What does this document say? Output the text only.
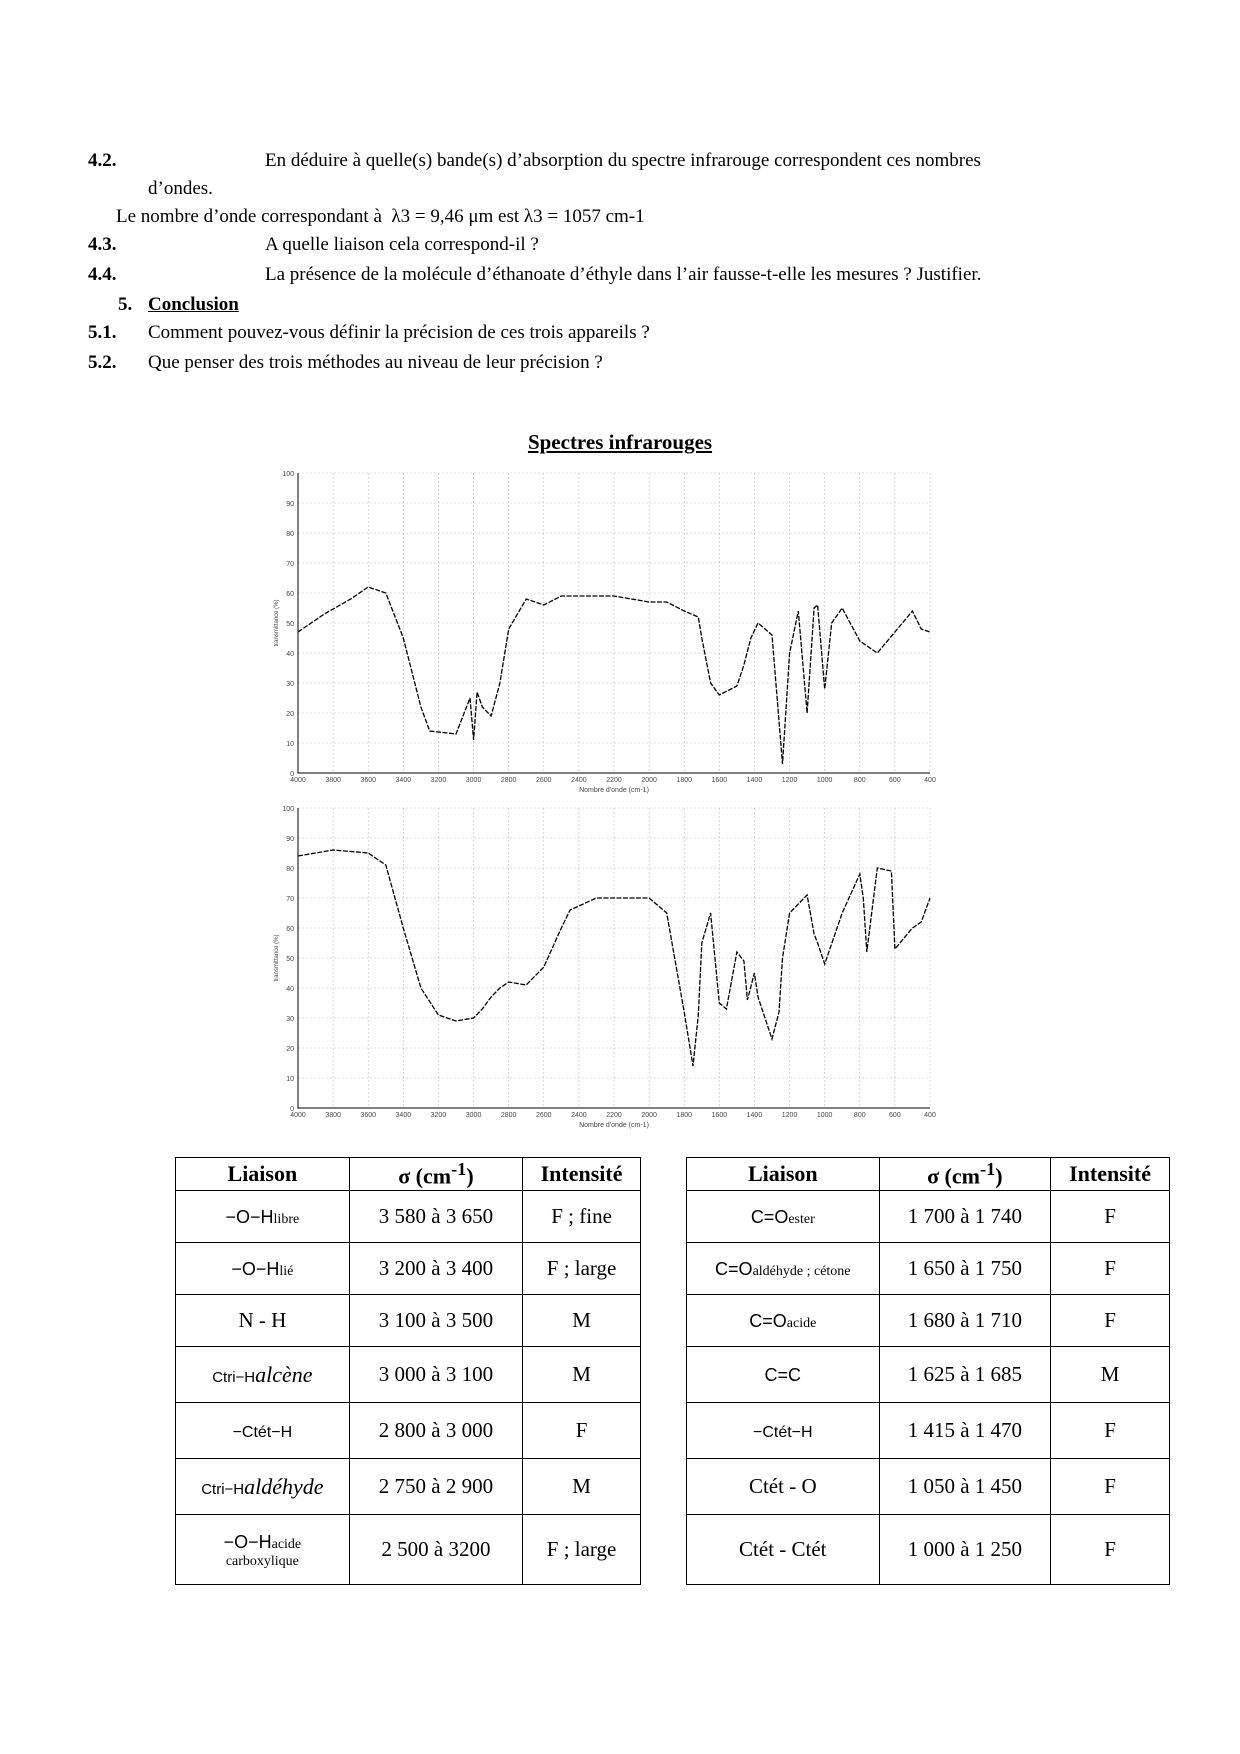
4.2.	En déduire à quelle(s) bande(s) d’absorption du spectre infrarouge correspondent ces nombres
d’ondes.
Le nombre d’onde correspondant à λ3 = 9,46 μm est λ3 = 1057 cm-1
4.3.	A quelle liaison cela correspond-il ?
4.4.	La présence de la molécule d’éthanoate d’éthyle dans l’air fausse-t-elle les mesures ? Justifier.
5. Conclusion
5.1. Comment pouvez-vous définir la précision de ces trois appareils ?
5.2. Que penser des trois méthodes au niveau de leur précision ?
Spectres infrarouges
0
10
20
30
40
50
60
70
80
90
100
4000	3800	3600	3400	3200	3000	2800	2600	2400	2200	2000	1800	1600	1400	1200	1000	800	600	400
Nombre d'onde (cm-1)
transmittance (%)
0
10
20
30
40
50
60
70
80
90
100
4000	3800	3600	3400	3200	3000	2800	2600	2400	2200	2000	1800	1600	1400	1200	1000	800	600	400
Nombre d'onde (cm-1)
transmittance (%)
Liaison	σ $(cm^{-1})$	Intensité
−O−Hlibre	3 580 à 3 650	F ; fine
−O−Hlié	3 200 à 3 400	F ; large
N - H	3 100 à 3 500	M
Ctri−Halcène	3 000 à 3 100	M
−Ctét−H	2 800 à 3 000	F
Ctri−Haldéhyde	2 750 à 2 900	M

−O−Hacide
carboxylique	2 500 à 3200	F ; large
Liaison	σ $(cm^{-1})$	Intensité
C=Oester	1 700 à 1 740	F
C=Oaldéhyde ; cétone	1 650 à 1 750	F
C=Oacide	1 680 à 1 710	F
C=C	1 625 à 1 685	M
−Ctét−H	1 415 à 1 470	F
Ctét - O	1 050 à 1 450	F
Ctét - Ctét	1 000 à 1 250	F
